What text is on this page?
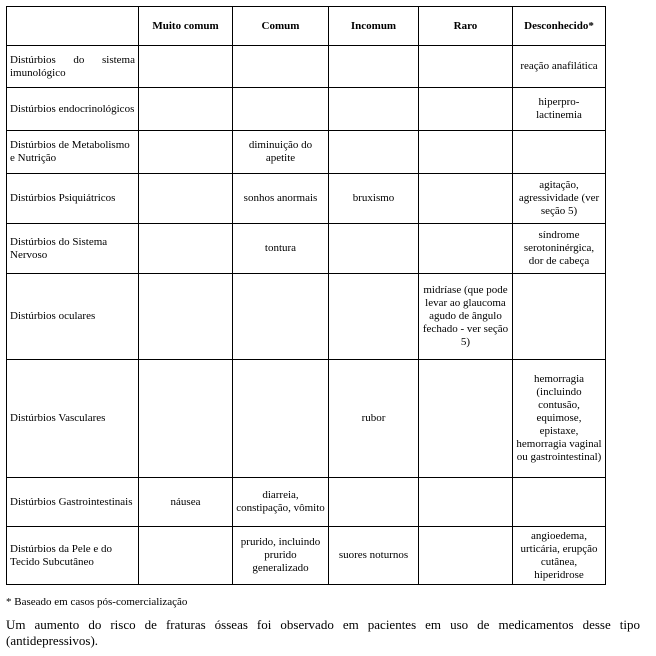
	Muito comum	Comum	Incomum	Raro	Desconhecido*
Distúrbios do sistema imunológico					reação anafilática
Distúrbios endocrinológicos					hiperpro-lactinemia
Distúrbios de Metabolismo e Nutrição		diminuição do apetite			
Distúrbios Psiquiátricos		sonhos anormais	bruxismo		agitação, agressividade (ver seção 5)
Distúrbios do Sistema Nervoso		tontura			síndrome serotoninérgica, dor de cabeça
Distúrbios oculares				midríase (que pode levar ao glaucoma agudo de ângulo fechado - ver seção 5)	
Distúrbios Vasculares			rubor		hemorragia (incluindo contusão, equimose, epistaxe, hemorragia vaginal ou gastrointestinal)
Distúrbios Gastrointestinais	náusea	diarreia, constipação, vômito			
Distúrbios da Pele e do Tecido Subcutâneo		prurido, incluindo prurido generalizado	suores noturnos		angioedema, urticária, erupção cutânea, hiperidrose
* Baseado em casos pós-comercialização
Um aumento do risco de fraturas ósseas foi observado em pacientes em uso de medicamentos desse tipo (antidepressivos).
